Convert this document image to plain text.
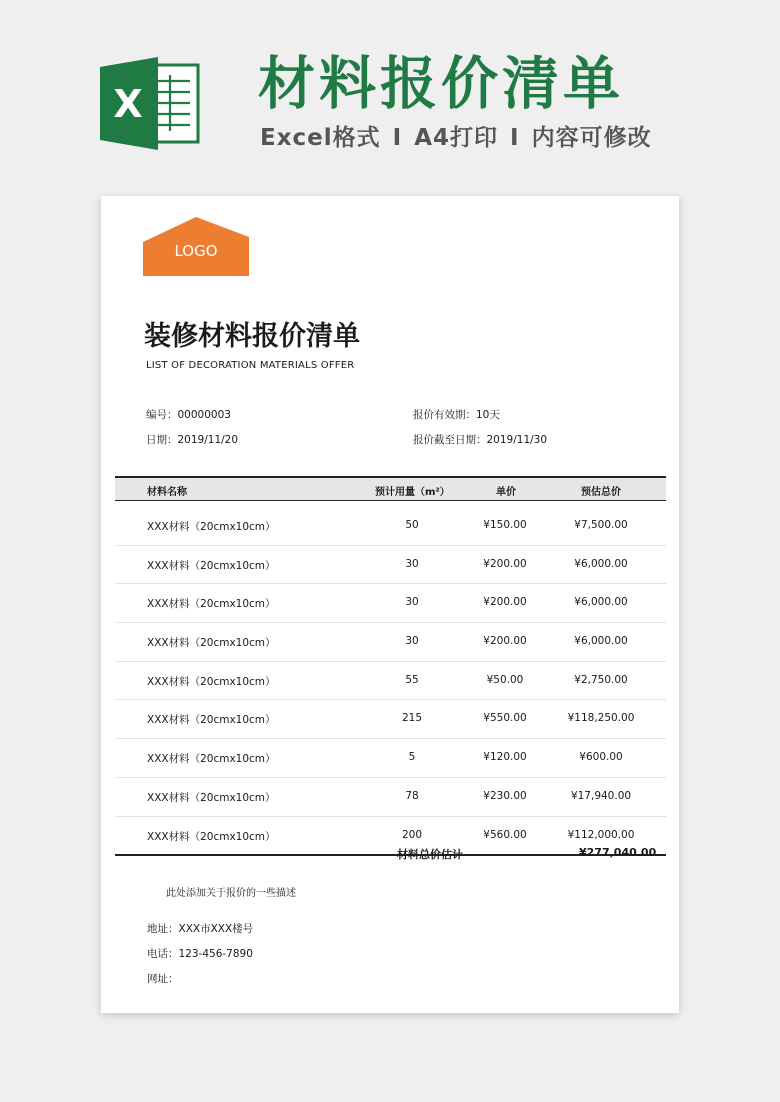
X 材料报价清单
Excel格式 I A4打印 I 内容可修改
LOGO
装修材料报价清单
LIST OF DECORATION MATERIALS OFFER
编号：00000003
日期：2019/11/20
报价有效期：10天
报价截至日期：2019/11/30
材料名称	预计用量（m²）	单价	预估总价
XXX材料（20cmx10cm）	50	¥150.00	¥7,500.00
XXX材料（20cmx10cm）	30	¥200.00	¥6,000.00
XXX材料（20cmx10cm）	30	¥200.00	¥6,000.00
XXX材料（20cmx10cm）	30	¥200.00	¥6,000.00
XXX材料（20cmx10cm）	55	¥50.00	¥2,750.00
XXX材料（20cmx10cm）	215	¥550.00	¥118,250.00
XXX材料（20cmx10cm）	5	¥120.00	¥600.00
XXX材料（20cmx10cm）	78	¥230.00	¥17,940.00
XXX材料（20cmx10cm）	200	¥560.00	¥112,000.00
材料总价估计	¥277,040.00
此处添加关于报价的一些描述
地址：XXX市XXX楼号
电话：123-456-7890
网址：
